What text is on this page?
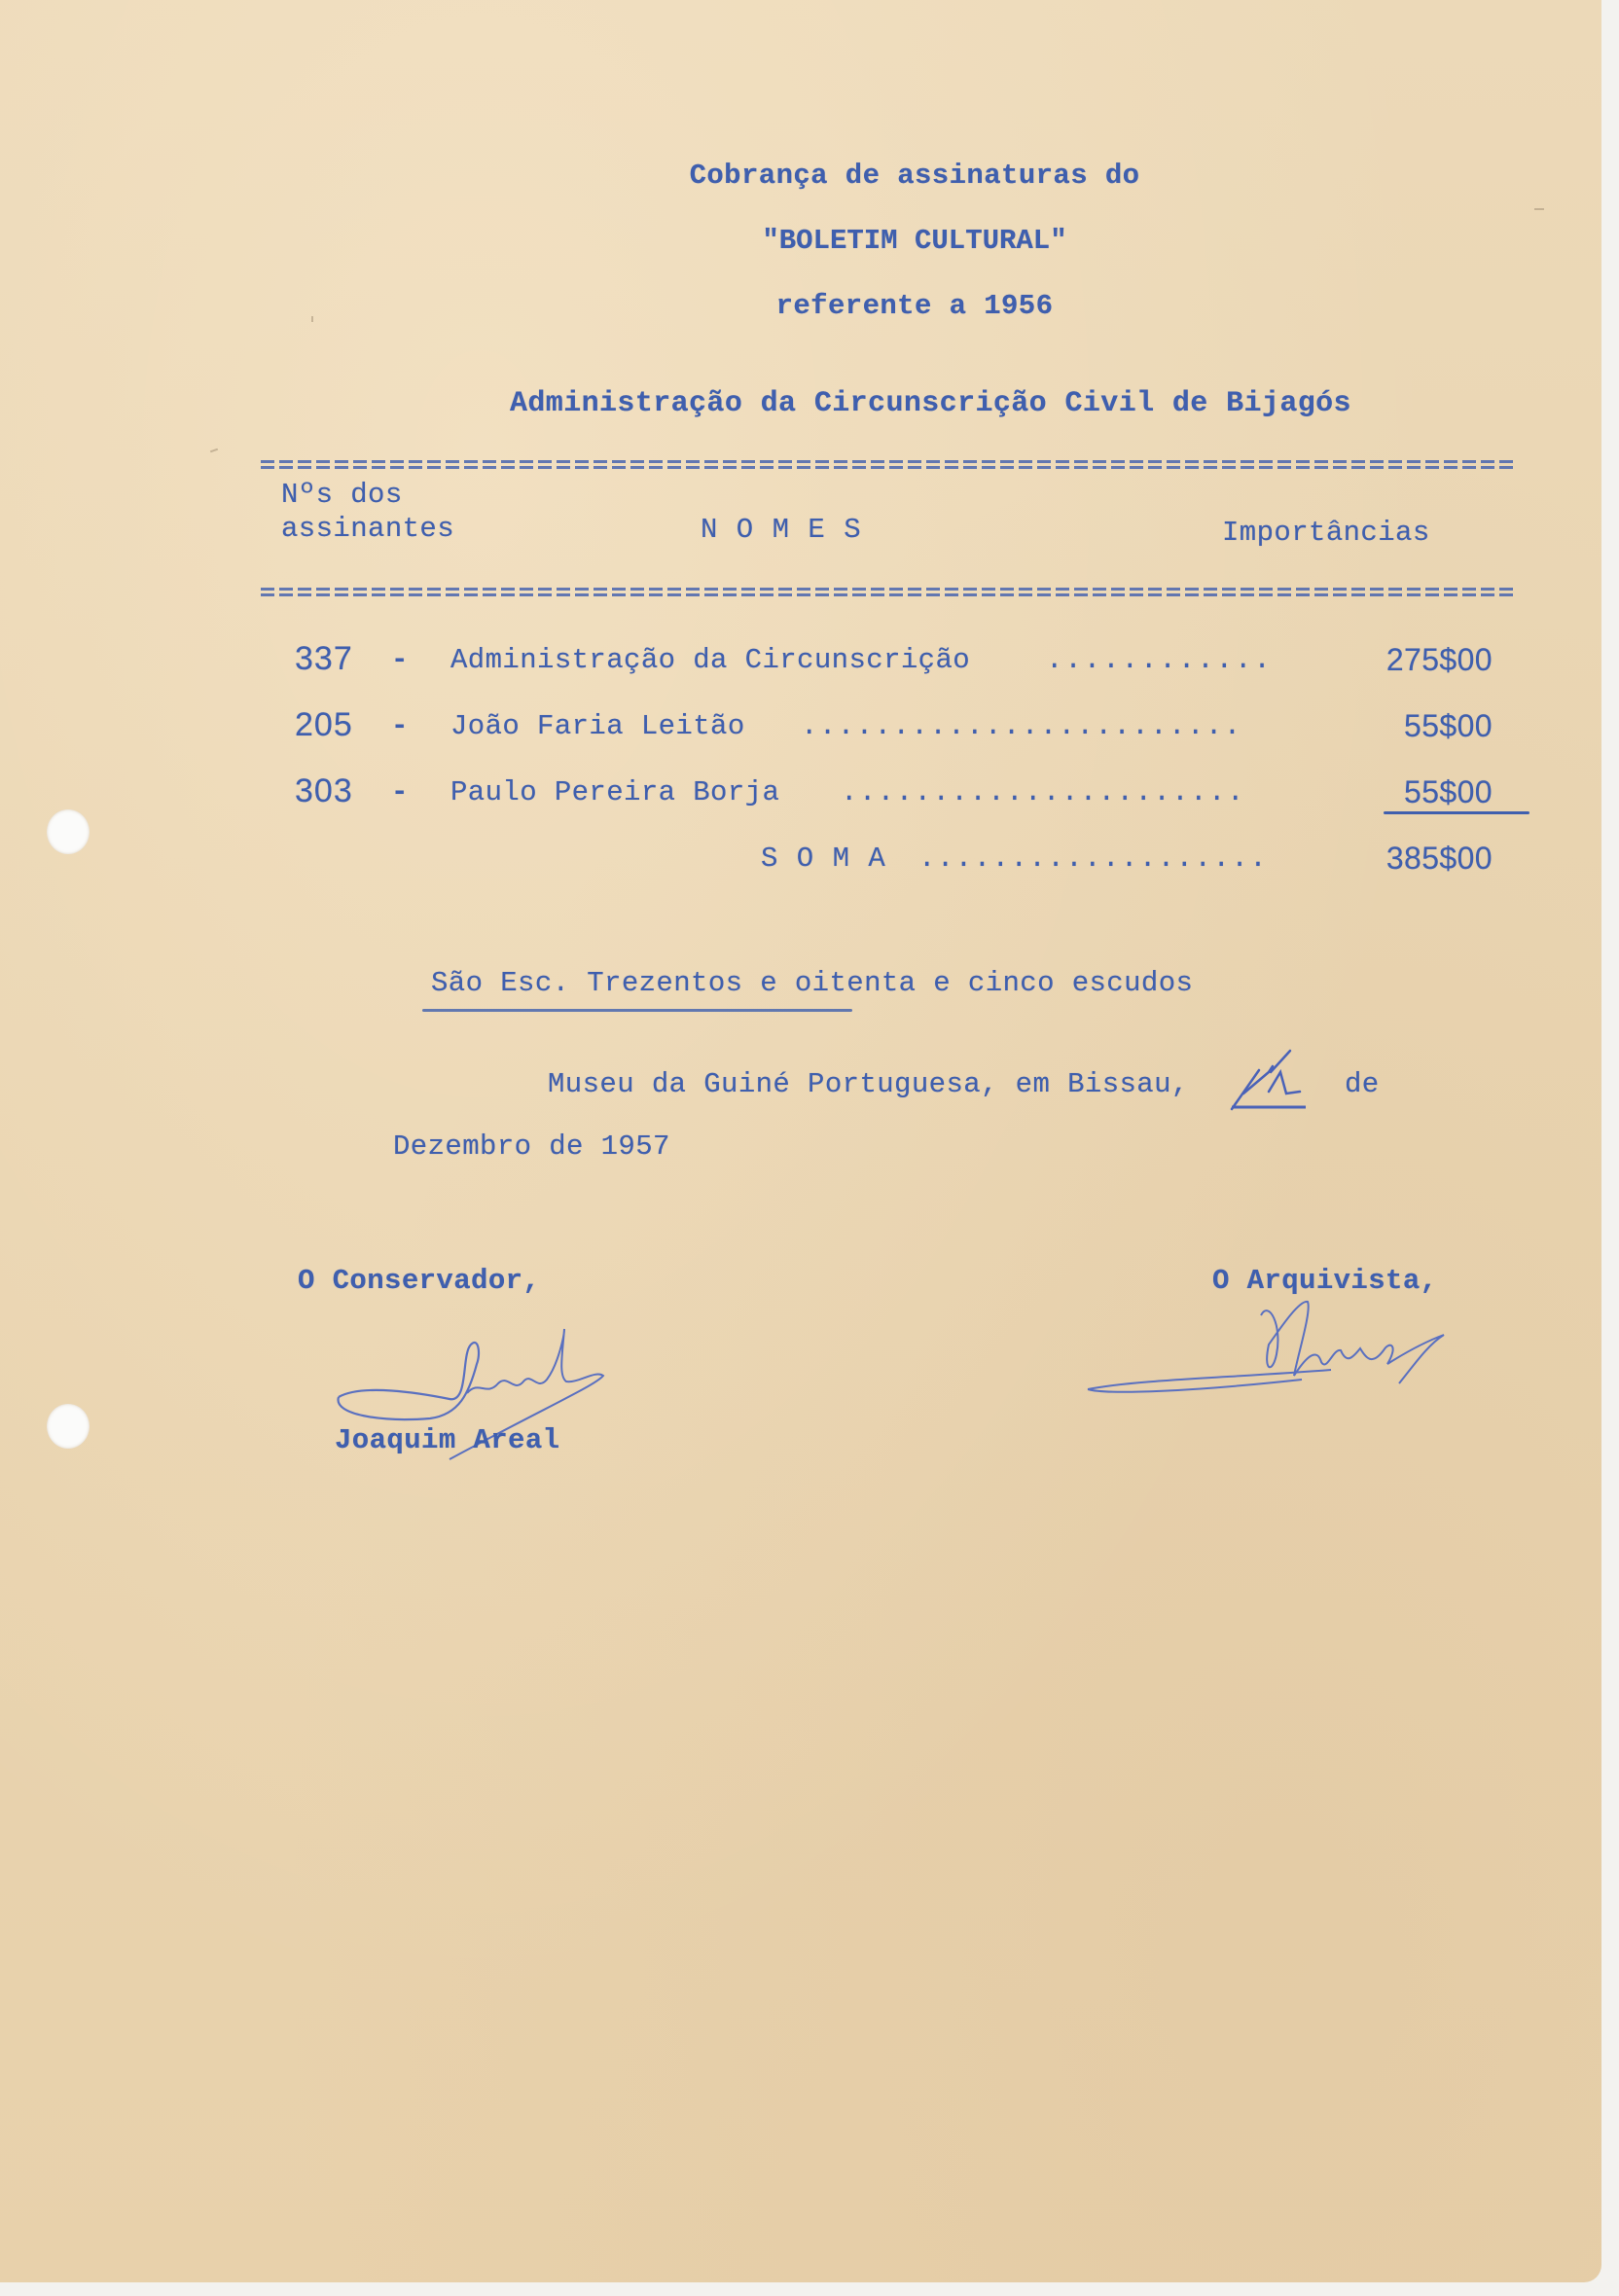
Cobrança de assinaturas do
"BOLETIM CULTURAL"
referente a 1956
Administração da Circunscrição Civil de Bijagós
Nºs dos
assinantes	N O M E S	Importâncias
337 - Administração da Circunscrição	............	275$00
205 - João Faria Leitão ........................	55$00
303 - Paulo Pereira Borja ......................	55$00
S O M A ...................	385$00
São Esc. Trezentos e oitenta e cinco escudos
Museu da Guiné Portuguesa, em Bissau,	de
Dezembro de 1957
O Conservador,
Joaquim Areal
O Arquivista,
